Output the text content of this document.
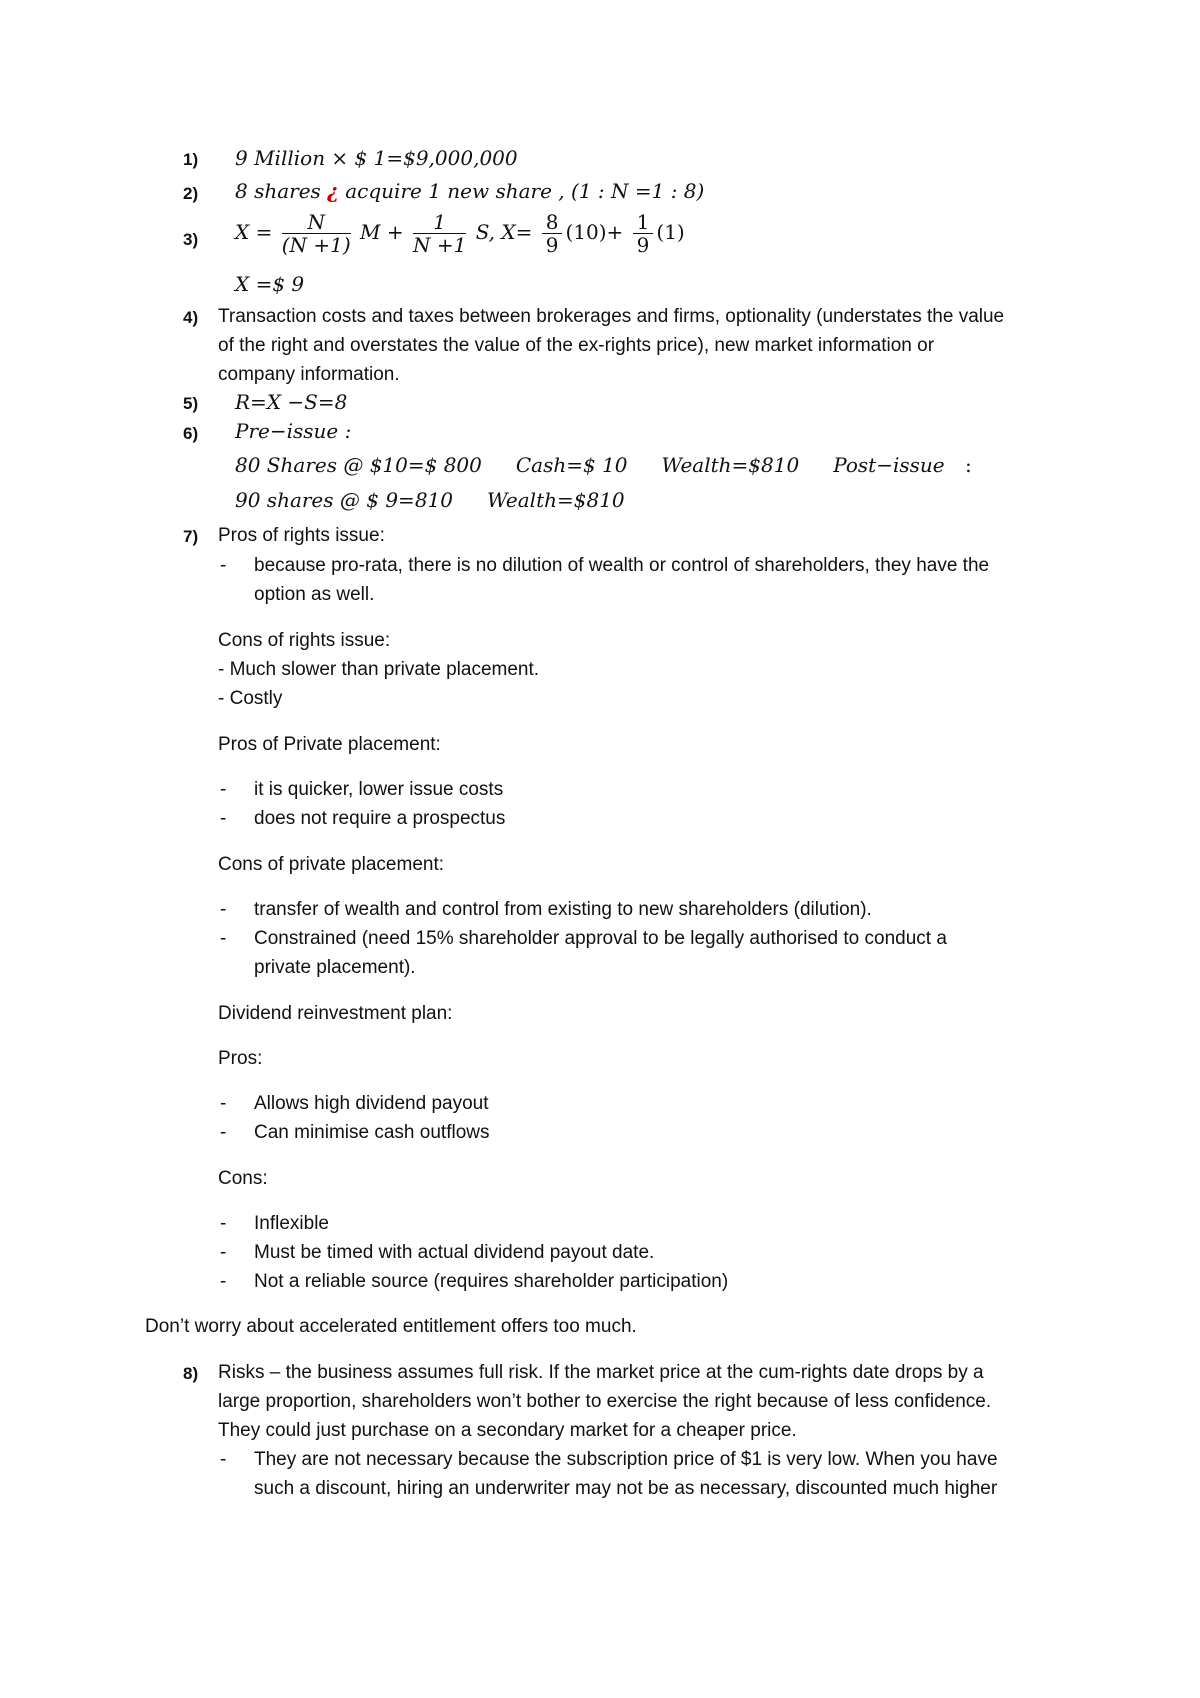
1) 9 Million × $ 1=$9,000,000
2) 8 shares ¿ acquire 1 new share , (1 : N =1 : 8)
3) $X = \frac{N}{(N +1)}$ $M + \frac{1}{N +1} S$, $X= \frac{8}{9} (10)+ \frac{1}{9} (1)$
X =$ 9
4) Transaction costs and taxes between brokerages and firms, optionality (understates the value
of the right and overstates the value of the ex-rights price), new market information or
company information.
5) R=X −S=8
6) Pre−issue :
80 Shares @ $10=$ 800 Cash=$ 10 Wealth=$810 Post−issue :
90 shares @ $ 9=810 Wealth=$810
7) Pros of rights issue:
- because pro-rata, there is no dilution of wealth or control of shareholders, they have the
option as well.
Cons of rights issue:
- Much slower than private placement.
- Costly
Pros of Private placement:
- it is quicker, lower issue costs
- does not require a prospectus
Cons of private placement:
- transfer of wealth and control from existing to new shareholders (dilution).
- Constrained (need 15% shareholder approval to be legally authorised to conduct a
private placement).
Dividend reinvestment plan:
Pros:
- Allows high dividend payout
- Can minimise cash outflows
Cons:
- Inflexible
- Must be timed with actual dividend payout date.
- Not a reliable source (requires shareholder participation)
Don’t worry about accelerated entitlement offers too much.
8) Risks – the business assumes full risk. If the market price at the cum-rights date drops by a
large proportion, shareholders won’t bother to exercise the right because of less confidence.
They could just purchase on a secondary market for a cheaper price.
- They are not necessary because the subscription price of $1 is very low. When you have
such a discount, hiring an underwriter may not be as necessary, discounted much higher
